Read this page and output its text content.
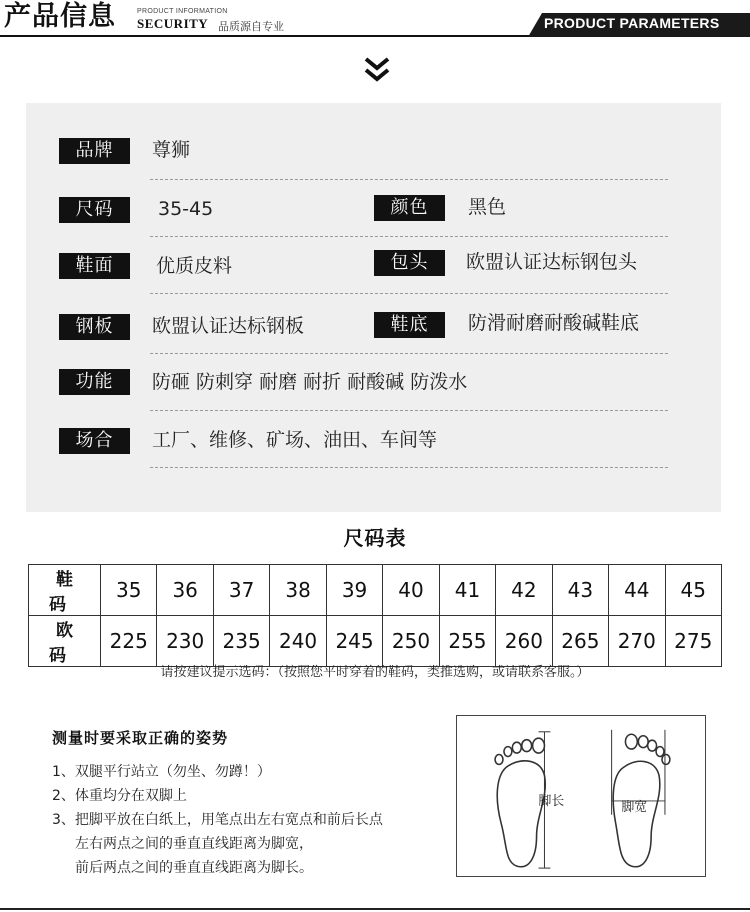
产品信息	PRODUCT INFORMATION
SECURITY 品质源自专业	PRODUCT PARAMETERS
品牌	尊狮
尺码	35-45	颜色	黑色
鞋面	优质皮料	包头	欧盟认证达标钢包头
钢板	欧盟认证达标钢板	鞋底	防滑耐磨耐酸碱鞋底
功能	防砸 防刺穿 耐磨 耐折 耐酸碱 防泼水
场合	工厂、维修、矿场、油田、车间等
尺码表
鞋码	35	36	37	38	39	40	41	42	43	44	45
欧码	225	230	235	240	245	250	255	260	265	270	275
请按建议提示选码：（按照您平时穿着的鞋码，类推选购，或请联系客服。）
测量时要采取正确的姿势
1、双腿平行站立（勿坐、勿蹲！）
2、体重均分在双脚上
3、把脚平放在白纸上，用笔点出左右宽点和前后长点
左右两点之间的垂直直线距离为脚宽，
前后两点之间的垂直直线距离为脚长。
脚长	脚宽
